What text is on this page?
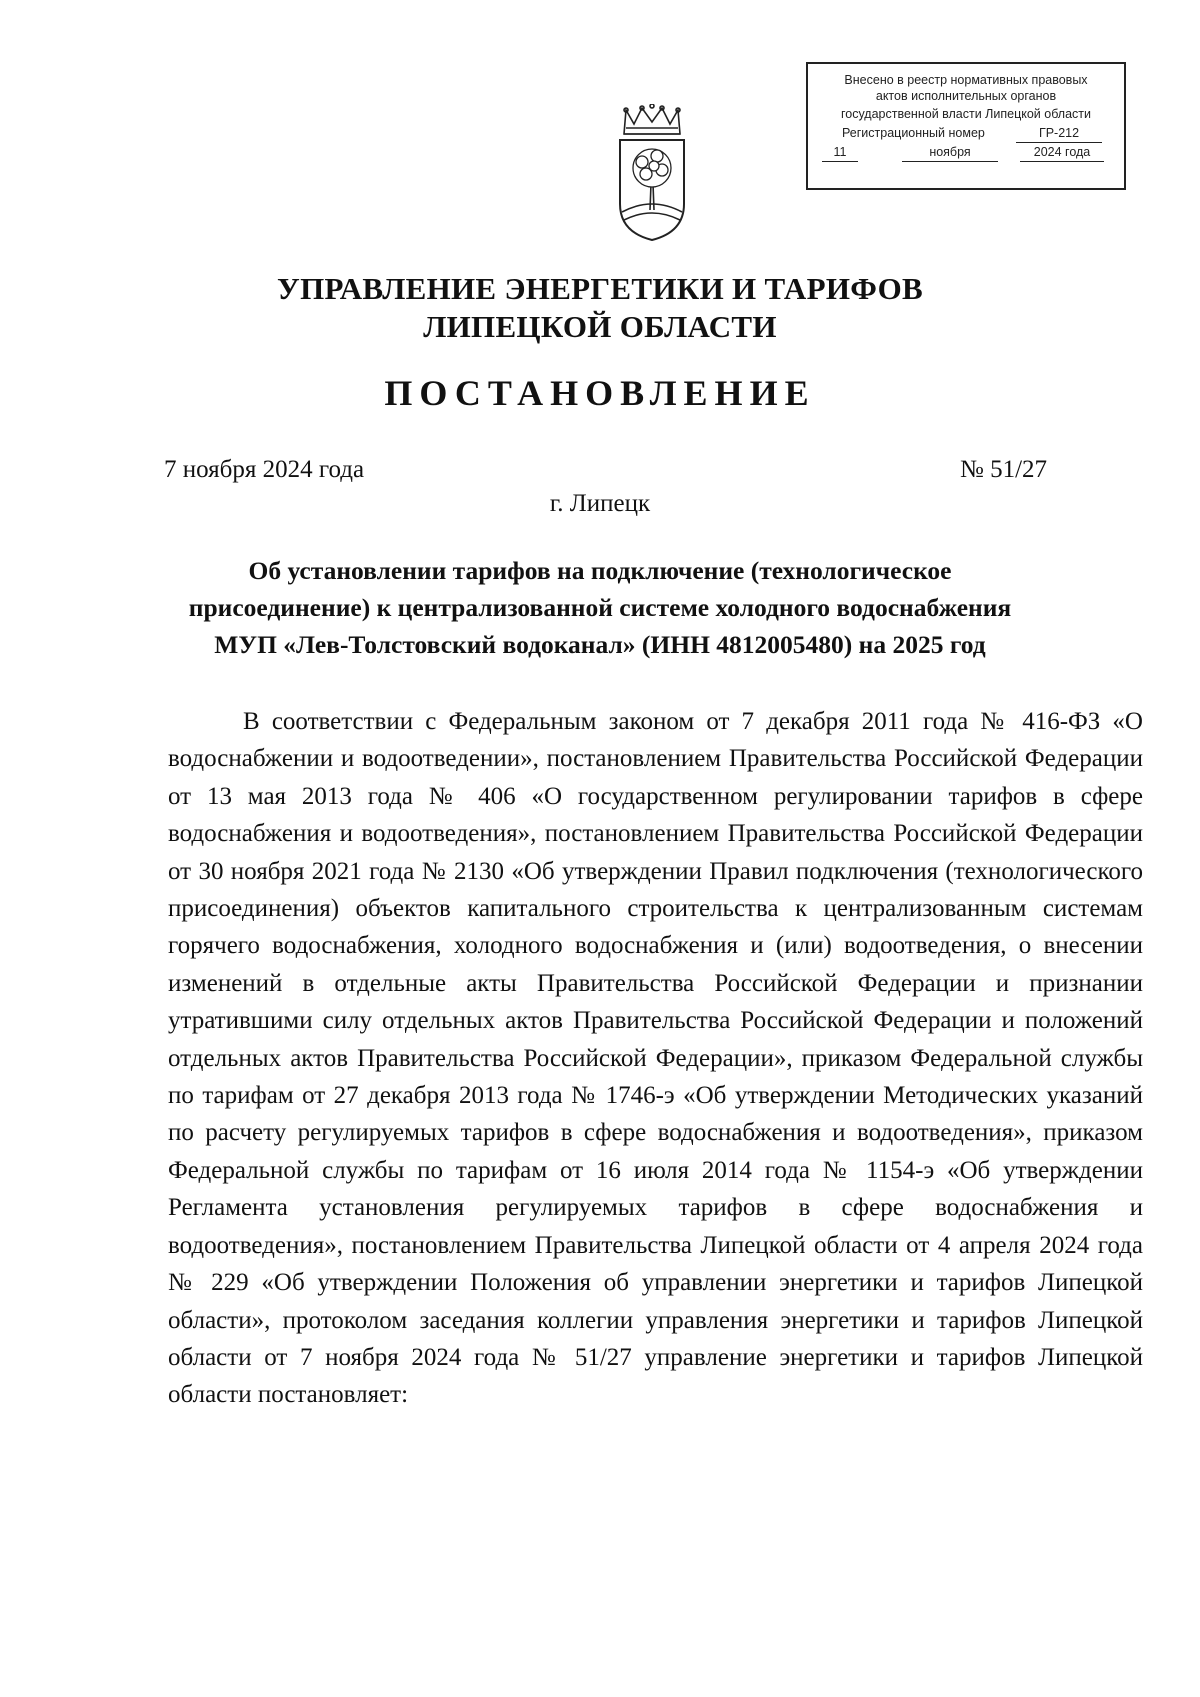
Внесено в реестр нормативных правовых
актов исполнительных органов
государственной власти Липецкой области
Регистрационный номер	ГР-212
11	ноября	2024 года
УПРАВЛЕНИЕ ЭНЕРГЕТИКИ И ТАРИФОВ
ЛИПЕЦКОЙ ОБЛАСТИ
ПОСТАНОВЛЕНИЕ
7 ноября 2024 года	№ 51/27
г. Липецк
Об установлении тарифов на подключение (технологическое
присоединение) к централизованной системе холодного водоснабжения
МУП «Лев-Толстовский водоканал» (ИНН 4812005480) на 2025 год

В соответствии с Федеральным законом от 7 декабря 2011 года № 416-ФЗ «О водоснабжении и водоотведении», постановлением Правительства Российской Федерации от 13 мая 2013 года № 406 «О государственном регулировании тарифов в сфере водоснабжения и водоотведения», постановлением Правительства Российской Федерации от 30 ноября 2021 года № 2130 «Об утверждении Правил подключения (технологического присоединения) объектов капитального строительства к централизованным системам горячего водоснабжения, холодного водоснабжения и (или) водоотведения, о внесении изменений в отдельные акты Правительства Российской Федерации и признании утратившими силу отдельных актов Правительства Российской Федерации и положений отдельных актов Правительства Российской Федерации», приказом Федеральной службы по тарифам от 27 декабря 2013 года № 1746-э «Об утверждении Методических указаний по расчету регулируемых тарифов в сфере водоснабжения и водоотведения», приказом Федеральной службы по тарифам от 16 июля 2014 года № 1154-э «Об утверждении Регламента установления регулируемых тарифов в сфере водоснабжения и водоотведения», постановлением Правительства Липецкой области от 4 апреля 2024 года № 229 «Об утверждении Положения об управлении энергетики и тарифов Липецкой области», протоколом заседания коллегии управления энергетики и тарифов Липецкой области от 7 ноября 2024 года № 51/27 управление энергетики и тарифов Липецкой области постановляет:
